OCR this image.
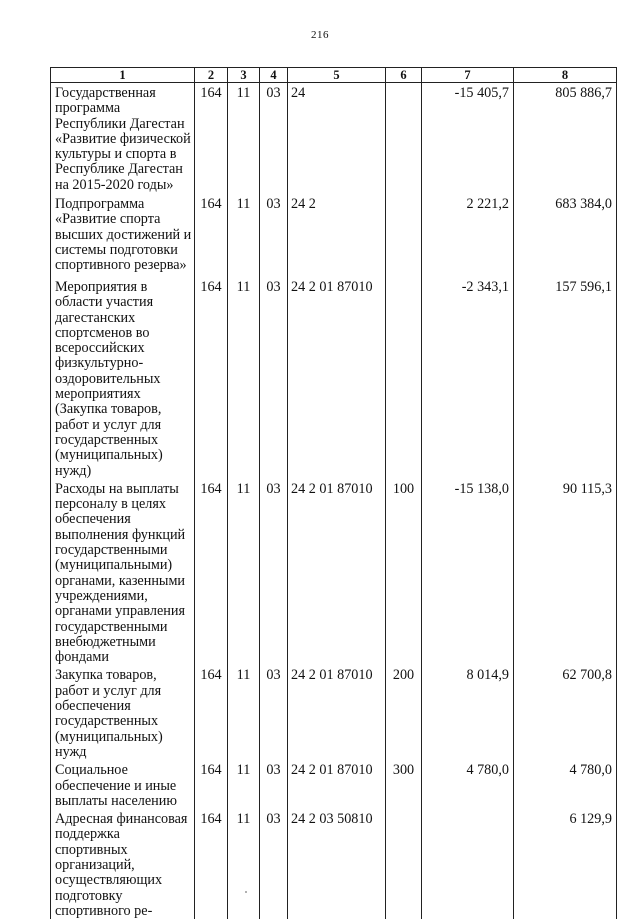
216
1	2	3	4	5	6	7	8
Государственная программа Республики Дагестан «Развитие физической культуры и спорта в Республике Дагестан на 2015-2020 годы»	164	11	03	24		-15 405,7	805 886,7
Подпрограмма «Развитие спорта высших достижений и системы подготовки спортивного резерва»	164	11	03	24 2		2 221,2	683 384,0
Мероприятия в области участия дагестанских спортсменов во всероссийских физкультурно-оздоровительных мероприятиях (Закупка товаров, работ и услуг для государственных (муниципальных) нужд)	164	11	03	24 2 01 87010		-2 343,1	157 596,1
Расходы на выплаты персоналу в целях обеспечения выполнения функций государственными (муниципальными) органами, казенными учреждениями, органами управления государственными внебюджетными фондами	164	11	03	24 2 01 87010	100	-15 138,0	90 115,3
Закупка товаров, работ и услуг для обеспечения государственных (муниципальных) нужд	164	11	03	24 2 01 87010	200	8 014,9	62 700,8
Социальное обеспечение и иные выплаты населению	164	11	03	24 2 01 87010	300	4 780,0	4 780,0
Адресная финансовая поддержка спортивных организаций, осуществляющих подготовку спортивного ре-	164	11	03	24 2 03 50810			6 129,9
